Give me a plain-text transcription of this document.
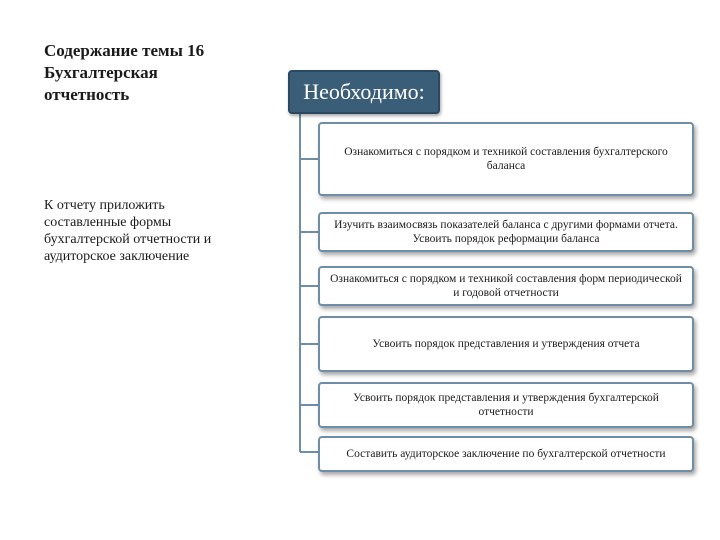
Содержание темы 16
Бухгалтерская
отчетность
К отчету приложить
составленные формы
бухгалтерской отчетности и
аудиторское заключение
Необходимо:
Ознакомиться с порядком и техникой составления бухгалтерского баланса
Изучить взаимосвязь показателей баланса с другими формами отчета. Усвоить порядок реформации баланса
Ознакомиться с порядком и техникой составления форм периодической и годовой отчетности
Усвоить порядок представления и утверждения отчета
Усвоить порядок представления и утверждения бухгалтерской отчетности
Составить аудиторское заключение по бухгалтерской отчетности
